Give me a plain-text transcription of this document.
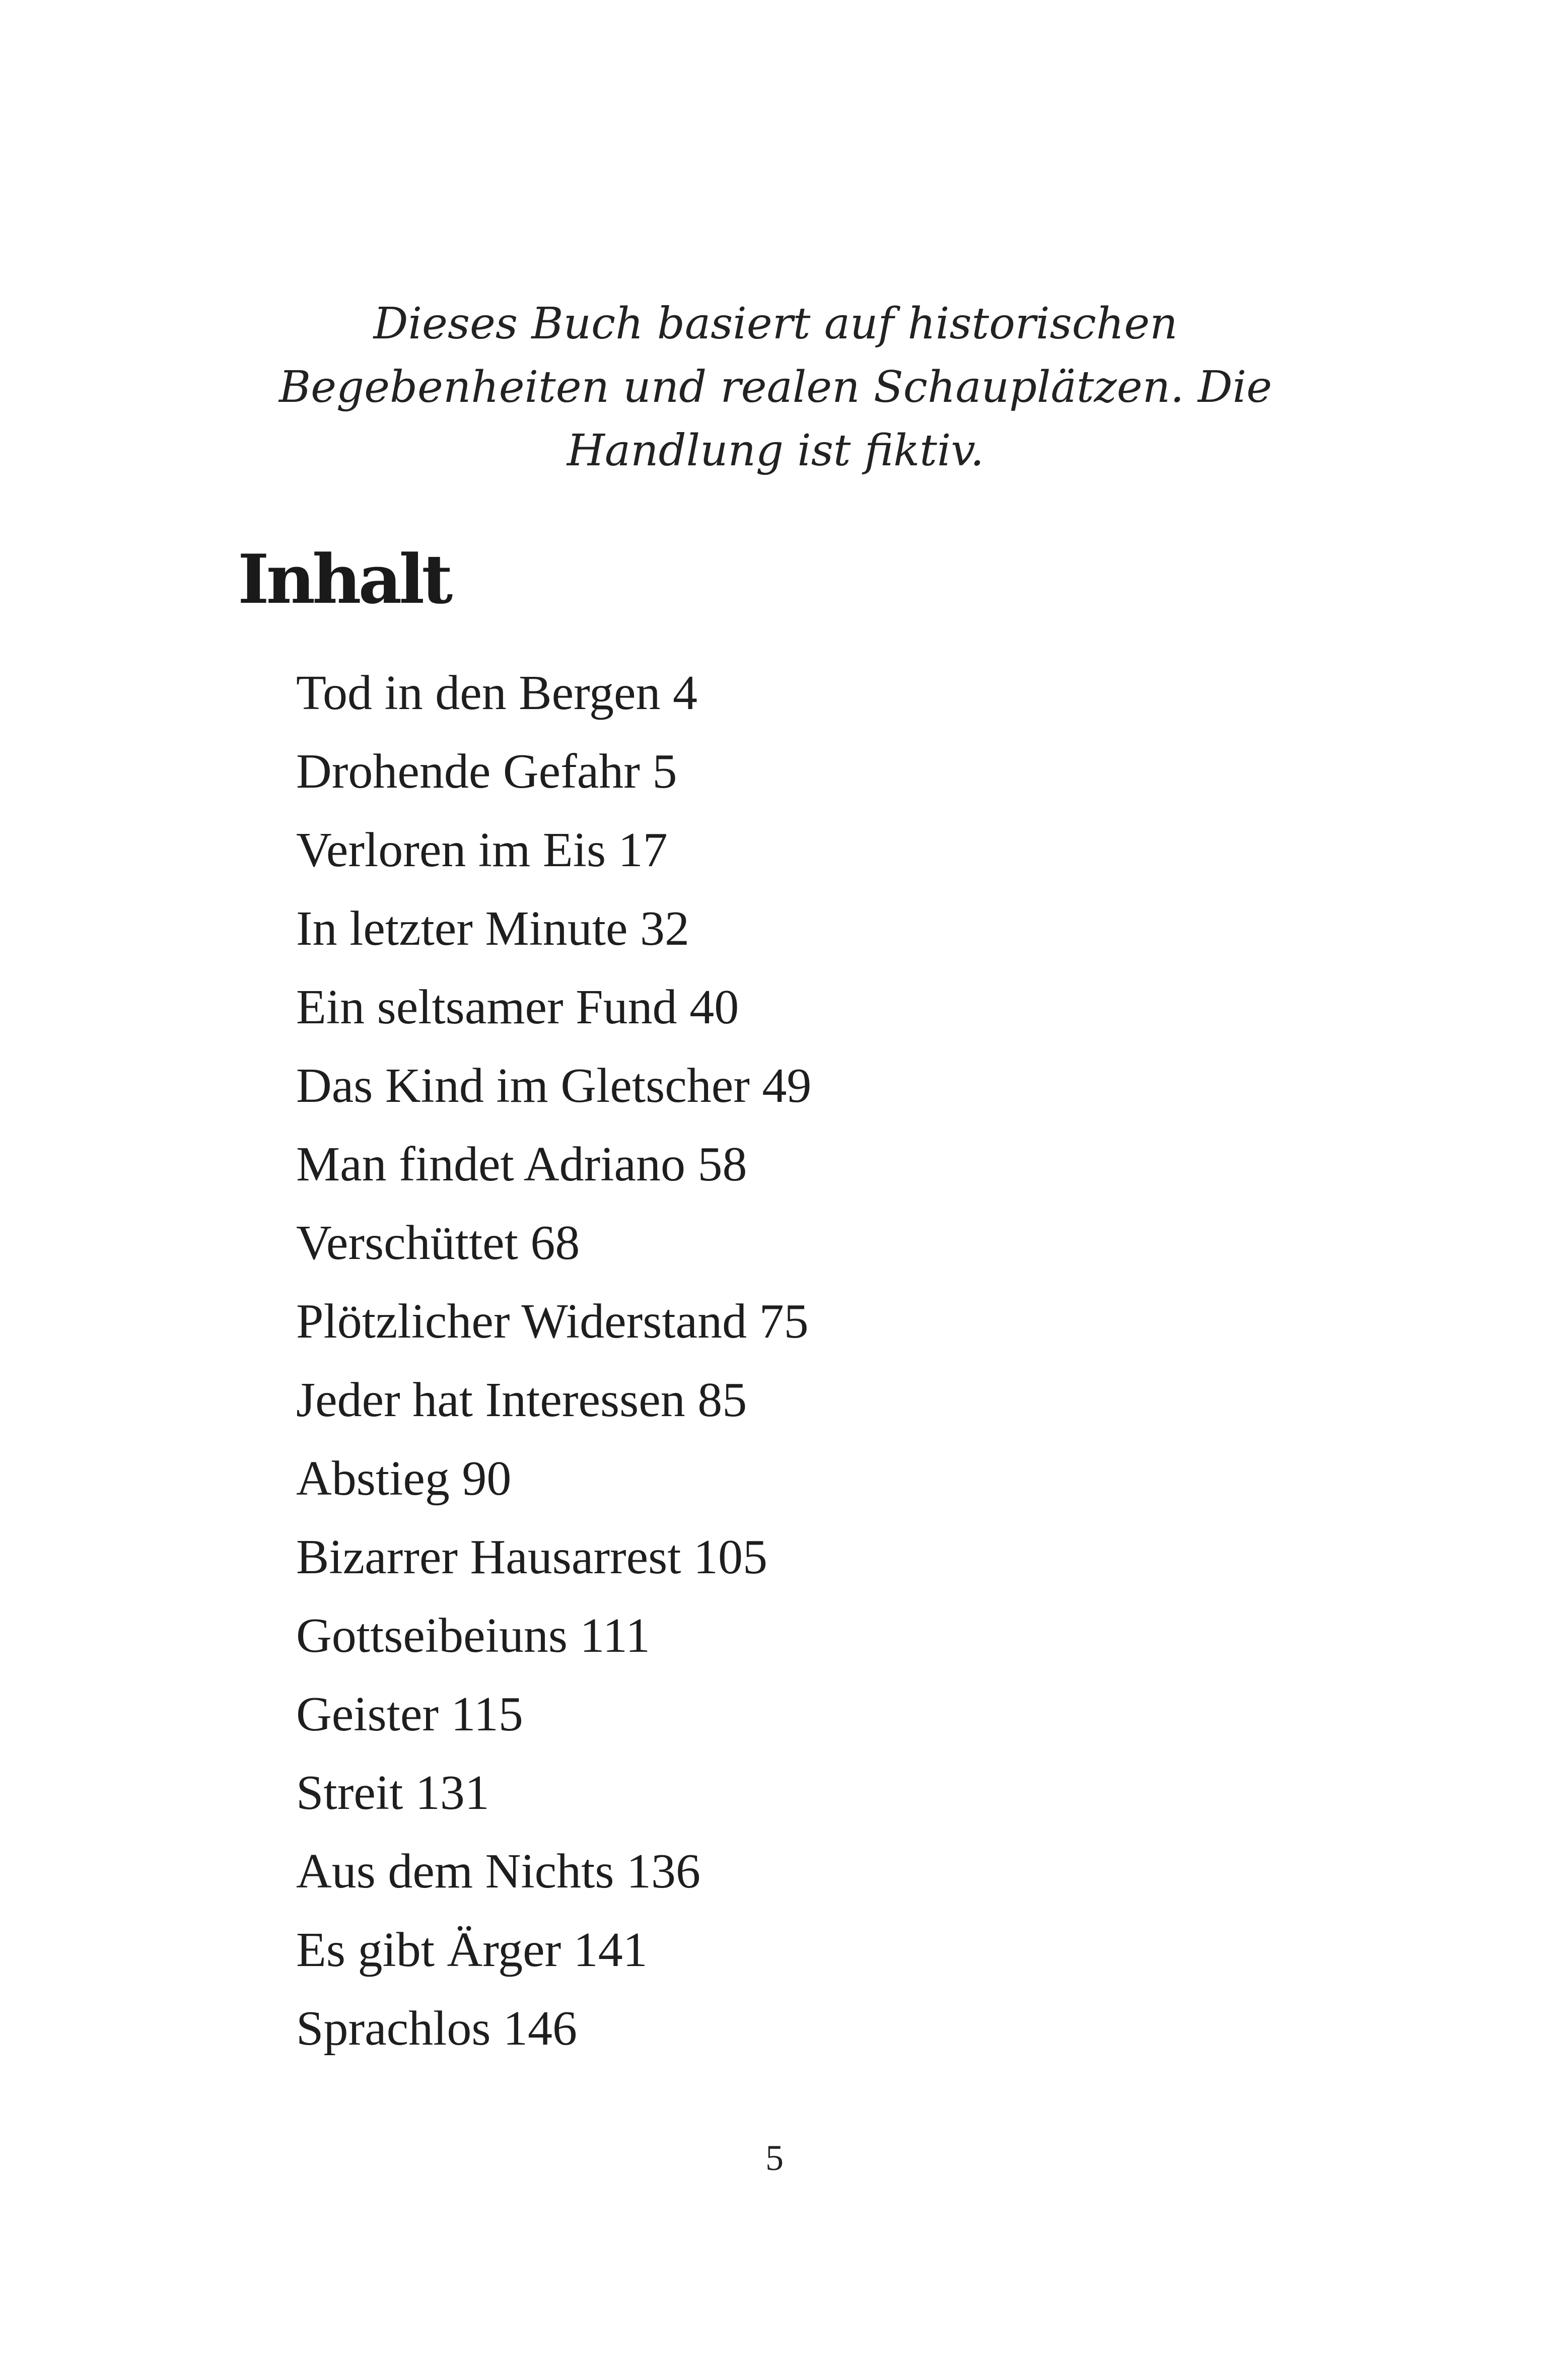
Dieses Buch basiert auf historischen

Begebenheiten und realen Schauplätzen. Die

Handlung ist fiktiv.

Inhalt
Tod in den Bergen 4
Drohende Gefahr 5
Verloren im Eis 17
In letzter Minute 32
Ein seltsamer Fund 40
Das Kind im Gletscher 49
Man findet Adriano 58
Verschüttet 68
Plötzlicher Widerstand 75
Jeder hat Interessen 85
Abstieg 90
Bizarrer Hausarrest 105
Gottseibeiuns 111
Geister 115
Streit 131
Aus dem Nichts 136
Es gibt Ärger 141
Sprachlos 146
5
